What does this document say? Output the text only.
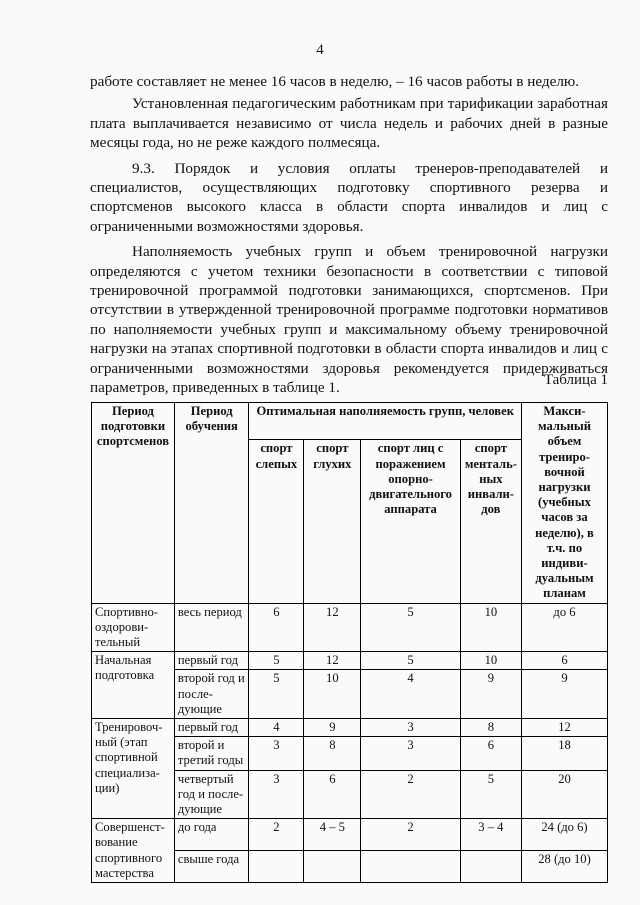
4

работе составляет не менее 16 часов в неделю, – 16 часов работы в неделю.

Установленная педагогическим работникам при тарификации заработная плата выплачивается независимо от числа недель и рабочих дней в разные месяцы года, но не реже каждого полмесяца.

9.3. Порядок и условия оплаты тренеров-преподавателей и специалистов, осуществляющих подготовку спортивного резерва и спортсменов высокого класса в области спорта инвалидов и лиц с ограниченными возможностями здоровья.

Наполняемость учебных групп и объем тренировочной нагрузки определяются с учетом техники безопасности в соответствии с типовой тренировочной программой подготовки занимающихся, спортсменов. При отсутствии в утвержденной тренировочной программе подготовки нормативов по наполняемости учебных групп и максимальному объему тренировочной нагрузки на этапах спортивной подготовки в области спорта инвалидов и лиц с ограниченными возможностями здоровья рекомендуется придерживаться параметров, приведенных в таблице 1.	Таблица 1
Период подготовки спортсменов	Период обучения	Оптимальная наполняемость групп, человек				Макси-мальный объем трениро-вочной нагрузки (учебных часов за неделю), в т.ч. по индиви-дуальным планам
		спорт слепых	спорт глухих	спорт лиц с поражением опорно-двигательного аппарата	спорт менталь-ных инвали-дов	
Спортивно-оздорови-тельный	весь период	6	12	5	10	до 6
Начальная подготовка	первый год	5	12	5	10	6
	второй год и после-дующие	5	10	4	9	9
Тренировоч-ный (этап спортивной специализа-ции)	первый год	4	9	3	8	12
	второй и третий годы	3	8	3	6	18
	четвертый год и после-дующие	3	6	2	5	20
Совершенст-вование спортивного мастерства	до года	2	4 – 5	2	3 – 4	24 (до 6)
	свыше года					28 (до 10)
